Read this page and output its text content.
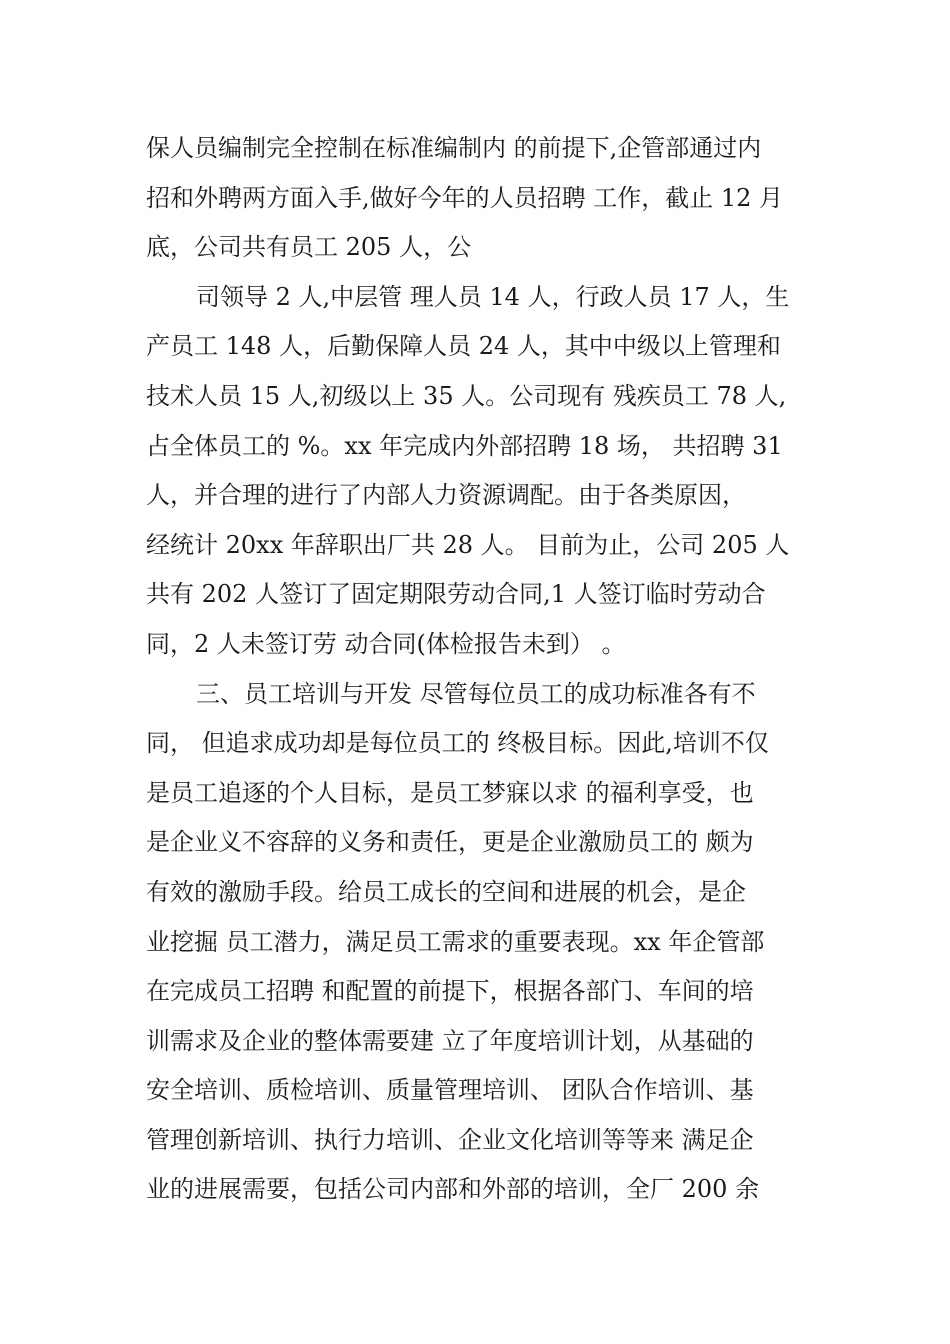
保人员编制完全控制在标准编制内 的前提下,企管部通过内
招和外聘两方面入手,做好今年的人员招聘 工作，截止 12 月
底，公司共有员工 205 人，公
司领导 2 人,中层管 理人员 14 人，行政人员 17 人，生
产员工 148 人，后勤保障人员 24 人，其中中级以上管理和
技术人员 15 人,初级以上 35 人。公司现有 残疾员工 78 人,
占全体员工的 %。xx 年完成内外部招聘 18 场， 共招聘 31
人，并合理的进行了内部人力资源调配。由于各类原因，
经统计 20xx 年辞职出厂共 28 人。 目前为止，公司 205 人
共有 202 人签订了固定期限劳动合同,1 人签订临时劳动合
同，2 人未签订劳 动合同(体检报告未到） 。
三、员工培训与开发 尽管每位员工的成功标准各有不
同， 但追求成功却是每位员工的 终极目标。因此,培训不仅
是员工追逐的个人目标，是员工梦寐以求 的福利享受，也
是企业义不容辞的义务和责任，更是企业激励员工的 颇为
有效的激励手段。给员工成长的空间和进展的机会，是企
业挖掘 员工潜力，满足员工需求的重要表现。xx 年企管部
在完成员工招聘 和配置的前提下，根据各部门、车间的培
训需求及企业的整体需要建 立了年度培训计划，从基础的
安全培训、质检培训、质量管理培训、 团队合作培训、基
管理创新培训、执行力培训、企业文化培训等等来 满足企
业的进展需要，包括公司内部和外部的培训，全厂 200 余
